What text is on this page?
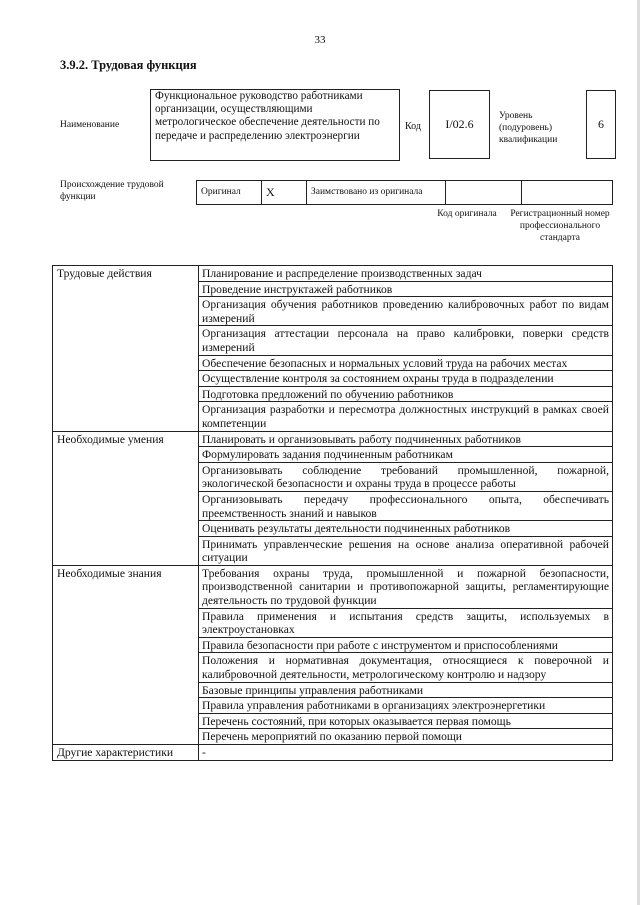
33
3.9.2. Трудовая функция
Наименование
Функциональное руководство работниками организации, осуществляющими метрологическое обеспечение деятельности по передаче и распределению электроэнергии
Код	I/02.6
Уровень (подуровень) квалификации
6
Происхождение трудовой функции	Оригинал	X	Заимствовано из оригинала		
Код оригинала	Регистрационный номер профессионального стандарта
Трудовые действия	Планирование и распределение производственных задач
	Проведение инструктажей работников
	Организация обучения работников проведению калибровочных работ по видам измерений
	Организация аттестации персонала на право калибровки, поверки средств измерений
	Обеспечение безопасных и нормальных условий труда на рабочих местах
	Осуществление контроля за состоянием охраны труда в подразделении
	Подготовка предложений по обучению работников
	Организация разработки и пересмотра должностных инструкций в рамках своей компетенции
Необходимые умения	Планировать и организовывать работу подчиненных работников
	Формулировать задания подчиненным работникам
	Организовывать соблюдение требований промышленной, пожарной, экологической безопасности и охраны труда в процессе работы
	Организовывать передачу профессионального опыта, обеспечивать преемственность знаний и навыков
	Оценивать результаты деятельности подчиненных работников
	Принимать управленческие решения на основе анализа оперативной рабочей ситуации
Необходимые знания	Требования охраны труда, промышленной и пожарной безопасности, производственной санитарии и противопожарной защиты, регламентирующие деятельность по трудовой функции
	Правила применения и испытания средств защиты, используемых в электроустановках
	Правила безопасности при работе с инструментом и приспособлениями
	Положения и нормативная документация, относящиеся к поверочной и калибровочной деятельности, метрологическому контролю и надзору
	Базовые принципы управления работниками
	Правила управления работниками в организациях электроэнергетики
	Перечень состояний, при которых оказывается первая помощь
	Перечень мероприятий по оказанию первой помощи
Другие характеристики	-
